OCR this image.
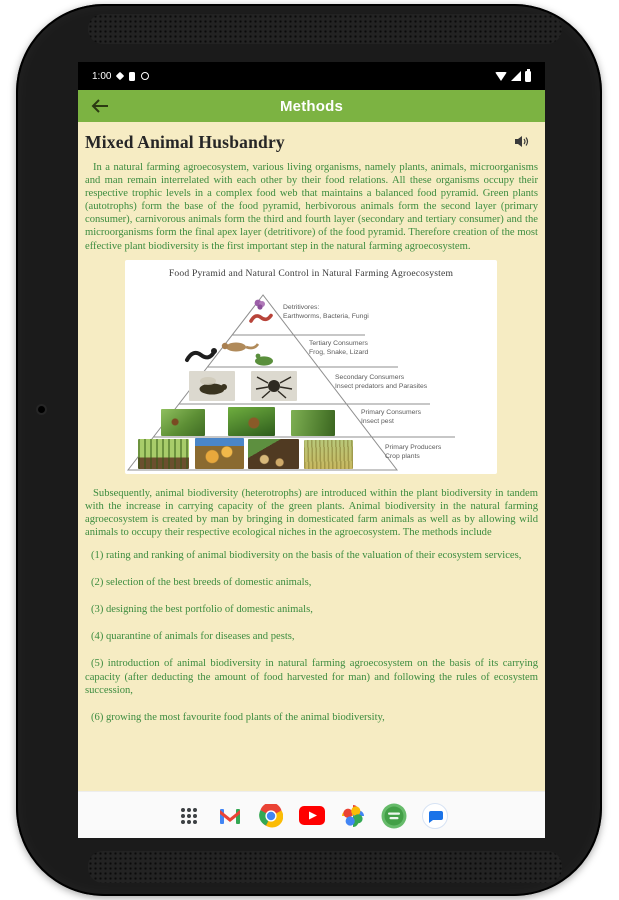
1:00
Methods
Mixed Animal Husbandry

In a natural farming agroecosystem, various living organisms, namely plants, animals, microorganisms and man remain interrelated with each other by their food relations. All these organisms occupy their respective trophic levels in a complex food web that maintains a balanced food pyramid. Green plants (autotrophs) form the base of the food pyramid, herbivorous animals form the second layer (primary consumer), carnivorous animals form the third and fourth layer (secondary and tertiary consumer) and the microorganisms form the final apex layer (detritivore) of the food pyramid. Therefore creation of the most effective plant biodiversity is the first important step in the natural farming agroecosystem.

Food Pyramid and Natural Control in Natural Farming Agroecosystem
Detritivores:
Earthworms, Bacteria, Fungi
Tertiary Consumers
Frog, Snake, Lizard
Secondary Consumers
Insect predators and Parasites
Primary Consumers
Insect pest
Primary Producers
Crop plants

Subsequently, animal biodiversity (heterotrophs) are introduced within the plant biodiversity in tandem with the increase in carrying capacity of the green plants. Animal biodiversity in the natural farming agroecosystem is created by man by bringing in domesticated farm animals as well as by allowing wild animals to occupy their respective ecological niches in the agroecosystem. The methods include

(1) rating and ranking of animal biodiversity on the basis of the valuation of their ecosystem services,
(2) selection of the best breeds of domestic animals,
(3) designing the best portfolio of domestic animals,
(4) quarantine of animals for diseases and pests,
(5) introduction of animal biodiversity in natural farming agroecosystem on the basis of its carrying capacity (after deducting the amount of food harvested for man) and following the rules of ecosystem succession,
(6) growing the most favourite food plants of the animal biodiversity,
